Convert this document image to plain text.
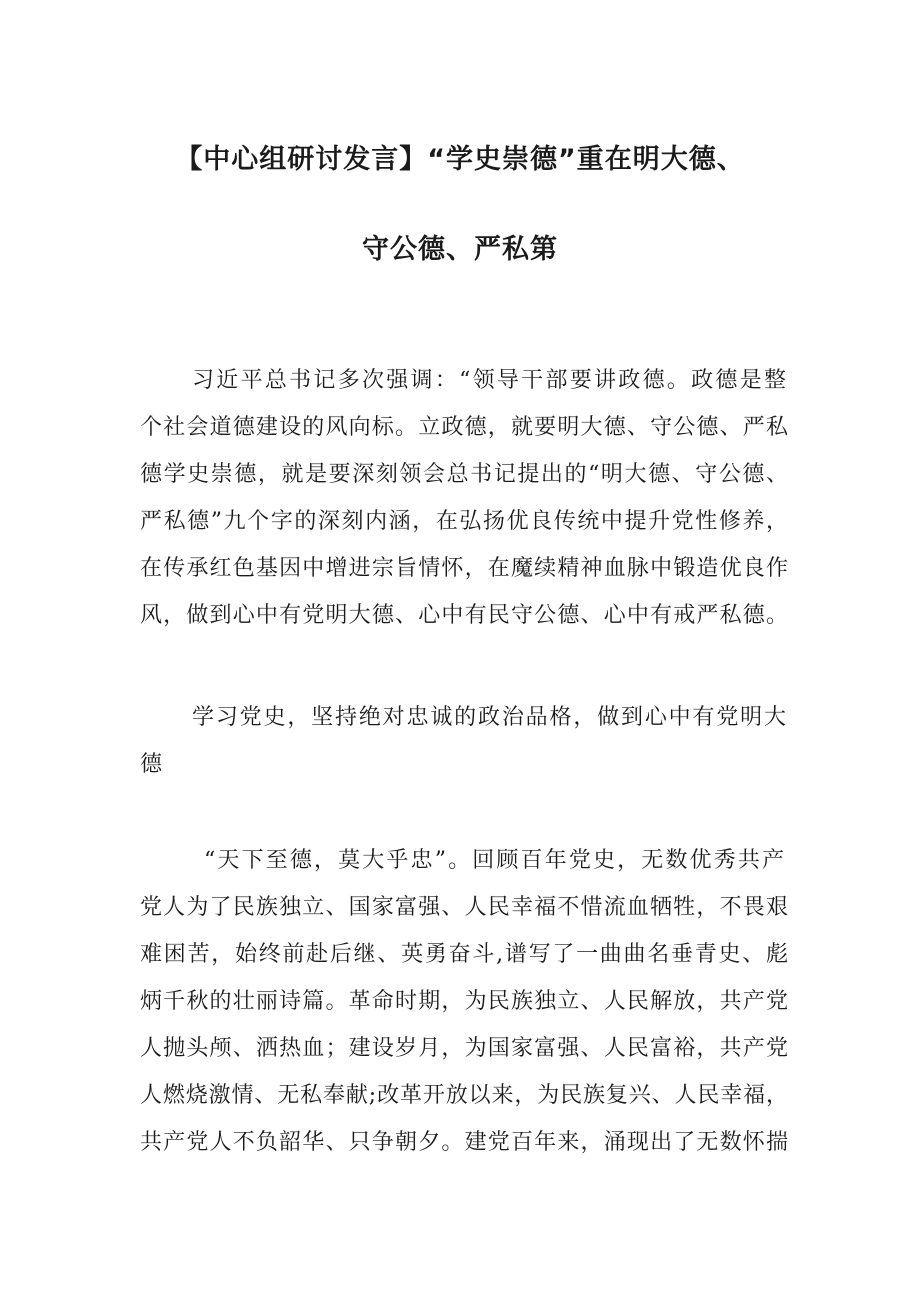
【中心组研讨发言】“学史崇德”重在明大德、
守公德、严私第

习近平总书记多次强调：“领导干部要讲政德。政德是整

个社会道德建设的风向标。立政德，就要明大德、守公德、严私

德学史崇德，就是要深刻领会总书记提出的“明大德、守公德、

严私德”九个字的深刻内涵，在弘扬优良传统中提升党性修养，

在传承红色基因中增进宗旨情怀，在魔续精神血脉中锻造优良作

风，做到心中有党明大德、心中有民守公德、心中有戒严私德。

学习党史，坚持绝对忠诚的政治品格，做到心中有党明大

德

“天下至德，莫大乎忠”。回顾百年党史，无数优秀共产

党人为了民族独立、国家富强、人民幸福不惜流血牺牲，不畏艰

难困苦，始终前赴后继、英勇奋斗,谱写了一曲曲名垂青史、彪

炳千秋的壮丽诗篇。革命时期，为民族独立、人民解放，共产党

人抛头颅、洒热血；建设岁月，为国家富强、人民富裕，共产党

人燃烧激情、无私奉献;改革开放以来，为民族复兴、人民幸福，

共产党人不负韶华、只争朝夕。建党百年来，涌现出了无数怀揣
